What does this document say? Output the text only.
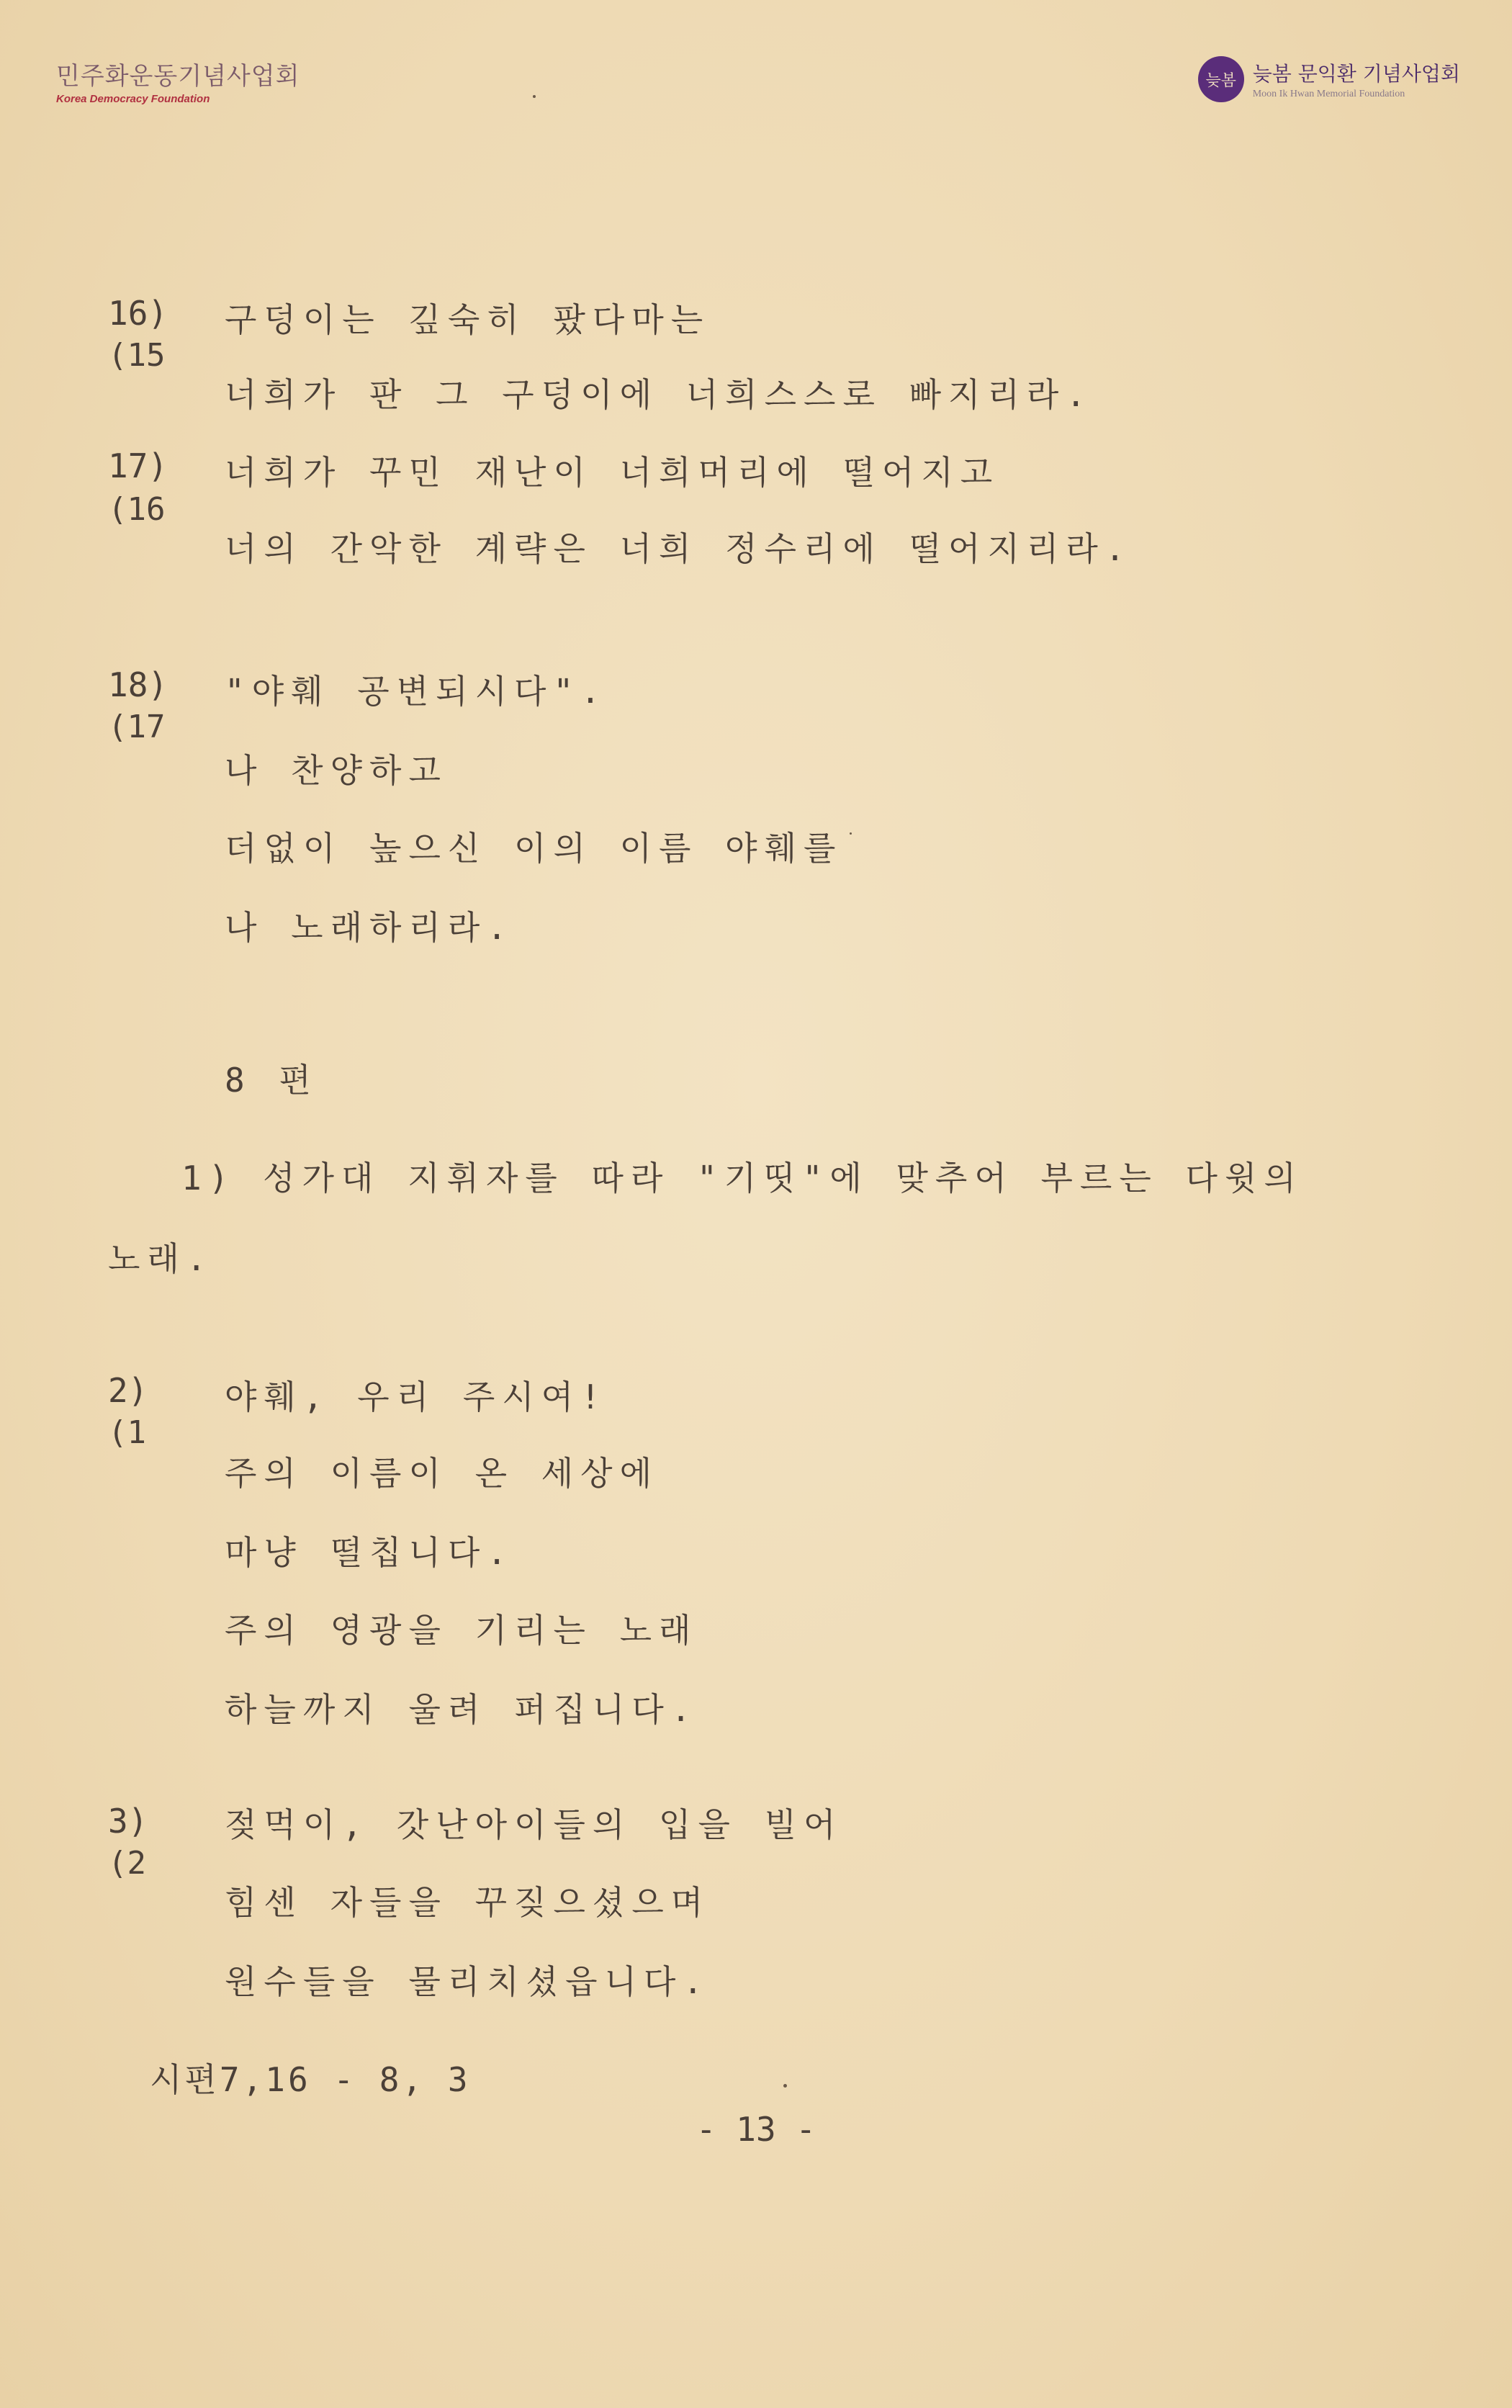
민주화운동기념사업회
Korea Democracy Foundation
늦봄 늦봄 문익환 기념사업회
Moon Ik Hwan Memorial Foundation
16)
(15
구덩이는 깊숙히 팠다마는
너희가 판 그 구덩이에 너희스스로 빠지리라.
17)
(16
너희가 꾸민 재난이 너희머리에 떨어지고
너의 간악한 계략은 너희 정수리에 떨어지리라.
18)
(17
"야훼 공변되시다".
나 찬양하고
더없이 높으신 이의 이름 야훼를
나 노래하리라.
8 편
1) 성가대 지휘자를 따라 "기띳"에 맞추어 부르는 다윗의
노래.
2)
(1
야훼, 우리 주시여!
주의 이름이 온 세상에
마냥 떨칩니다.
주의 영광을 기리는 노래
하늘까지 울려 퍼집니다.
3)
(2
젖먹이, 갓난아이들의 입을 빌어
힘센 자들을 꾸짖으셨으며
원수들을 물리치셨읍니다.
시편7,16 - 8, 3
- 13 -
